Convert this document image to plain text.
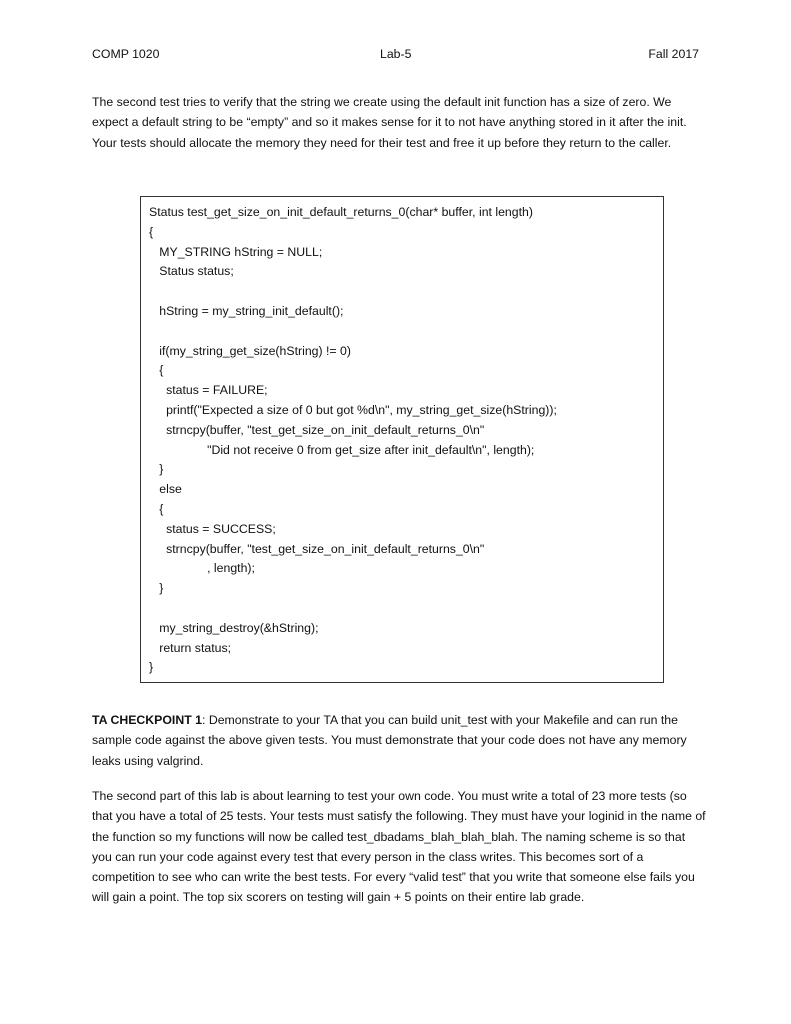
COMP 1020	Lab-5	Fall 2017

The second test tries to verify that the string we create using the default init function has a size of zero. We expect a default string to be “empty” and so it makes sense for it to not have anything stored in it after the init. Your tests should allocate the memory they need for their test and free it up before they return to the caller.

Status test_get_size_on_init_default_returns_0(char* buffer, int length)
{
MY_STRING hString = NULL;
Status status;
hString = my_string_init_default();
if(my_string_get_size(hString) != 0)
{
status = FAILURE;
printf("Expected a size of 0 but got %d\n", my_string_get_size(hString));
strncpy(buffer, "test_get_size_on_init_default_returns_0\n"
"Did not receive 0 from get_size after init_default\n", length);
}
else
{
status = SUCCESS;
strncpy(buffer, "test_get_size_on_init_default_returns_0\n"
, length);
}
my_string_destroy(&hString);
return status;
}

TA CHECKPOINT 1: Demonstrate to your TA that you can build unit_test with your Makefile and can run the sample code against the above given tests. You must demonstrate that your code does not have any memory leaks using valgrind.

The second part of this lab is about learning to test your own code. You must write a total of 23 more tests (so that you have a total of 25 tests. Your tests must satisfy the following. They must have your loginid in the name of the function so my functions will now be called test_dbadams_blah_blah_blah. The naming scheme is so that you can run your code against every test that every person in the class writes. This becomes sort of a competition to see who can write the best tests. For every “valid test” that you write that someone else fails you will gain a point. The top six scorers on testing will gain + 5 points on their entire lab grade.
